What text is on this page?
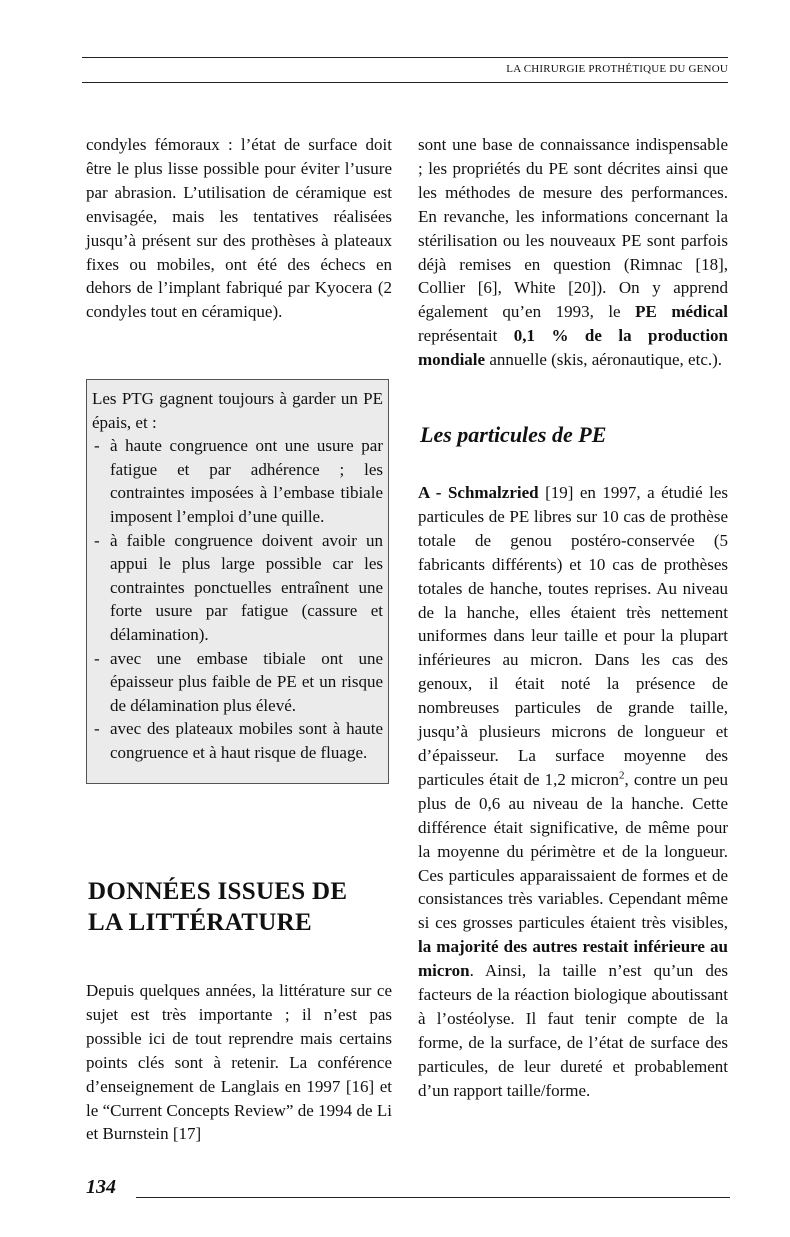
LA CHIRURGIE PROTHÉTIQUE DU GENOU

condyles fémoraux : l’état de surface doit être le plus lisse possible pour éviter l’usure par abrasion. L’utilisation de céramique est envisagée, mais les tentatives réalisées jusqu’à présent sur des prothèses à plateaux fixes ou mobiles, ont été des échecs en dehors de l’implant fabriqué par Kyocera (2 condyles tout en céramique).

Les PTG gagnent toujours à garder un PE épais, et :

- à haute congruence ont une usure par fatigue et par adhérence ; les contraintes imposées à l’embase tibiale imposent l’emploi d’une quille.
- à faible congruence doivent avoir un appui le plus large possible car les contraintes ponctuelles entraînent une forte usure par fatigue (cassure et délamination).
- avec une embase tibiale ont une épaisseur plus faible de PE et un risque de délamination plus élevé.
- avec des plateaux mobiles sont à haute congruence et à haut risque de fluage.
DONNÉES ISSUES DE
LA LITTÉRATURE

Depuis quelques années, la littérature sur ce sujet est très importante ; il n’est pas possible ici de tout reprendre mais certains points clés sont à retenir. La conférence d’enseignement de Langlais en 1997 [16] et le “Current Concepts Review” de 1994 de Li et Burnstein [17]

sont une base de connaissance indispensable ; les propriétés du PE sont décrites ainsi que les méthodes de mesure des performances. En revanche, les informations concernant la stérilisation ou les nouveaux PE sont parfois déjà remises en question (Rimnac [18], Collier [6], White [20]). On y apprend également qu’en 1993, le PE médical représentait 0,1 % de la production mondiale annuelle (skis, aéronautique, etc.).

Les particules de PE

A - Schmalzried [19] en 1997, a étudié les particules de PE libres sur 10 cas de prothèse totale de genou postéro-conservée (5 fabricants différents) et 10 cas de prothèses totales de hanche, toutes reprises. Au niveau de la hanche, elles étaient très nettement uniformes dans leur taille et pour la plupart inférieures au micron. Dans les cas des genoux, il était noté la présence de nombreuses particules de grande taille, jusqu’à plusieurs microns de longueur et d’épaisseur. La surface moyenne des particules était de 1,2 micron$^2$, contre un peu plus de 0,6 au niveau de la hanche. Cette différence était significative, de même pour la moyenne du périmètre et de la longueur. Ces particules apparaissaient de formes et de consistances très variables. Cependant même si ces grosses particules étaient très visibles, la majorité des autres restait inférieure au micron. Ainsi, la taille n’est qu’un des facteurs de la réaction biologique aboutissant à l’ostéolyse. Il faut tenir compte de la forme, de la surface, de l’état de surface des particules, de leur dureté et probablement d’un rapport taille/forme.

134
